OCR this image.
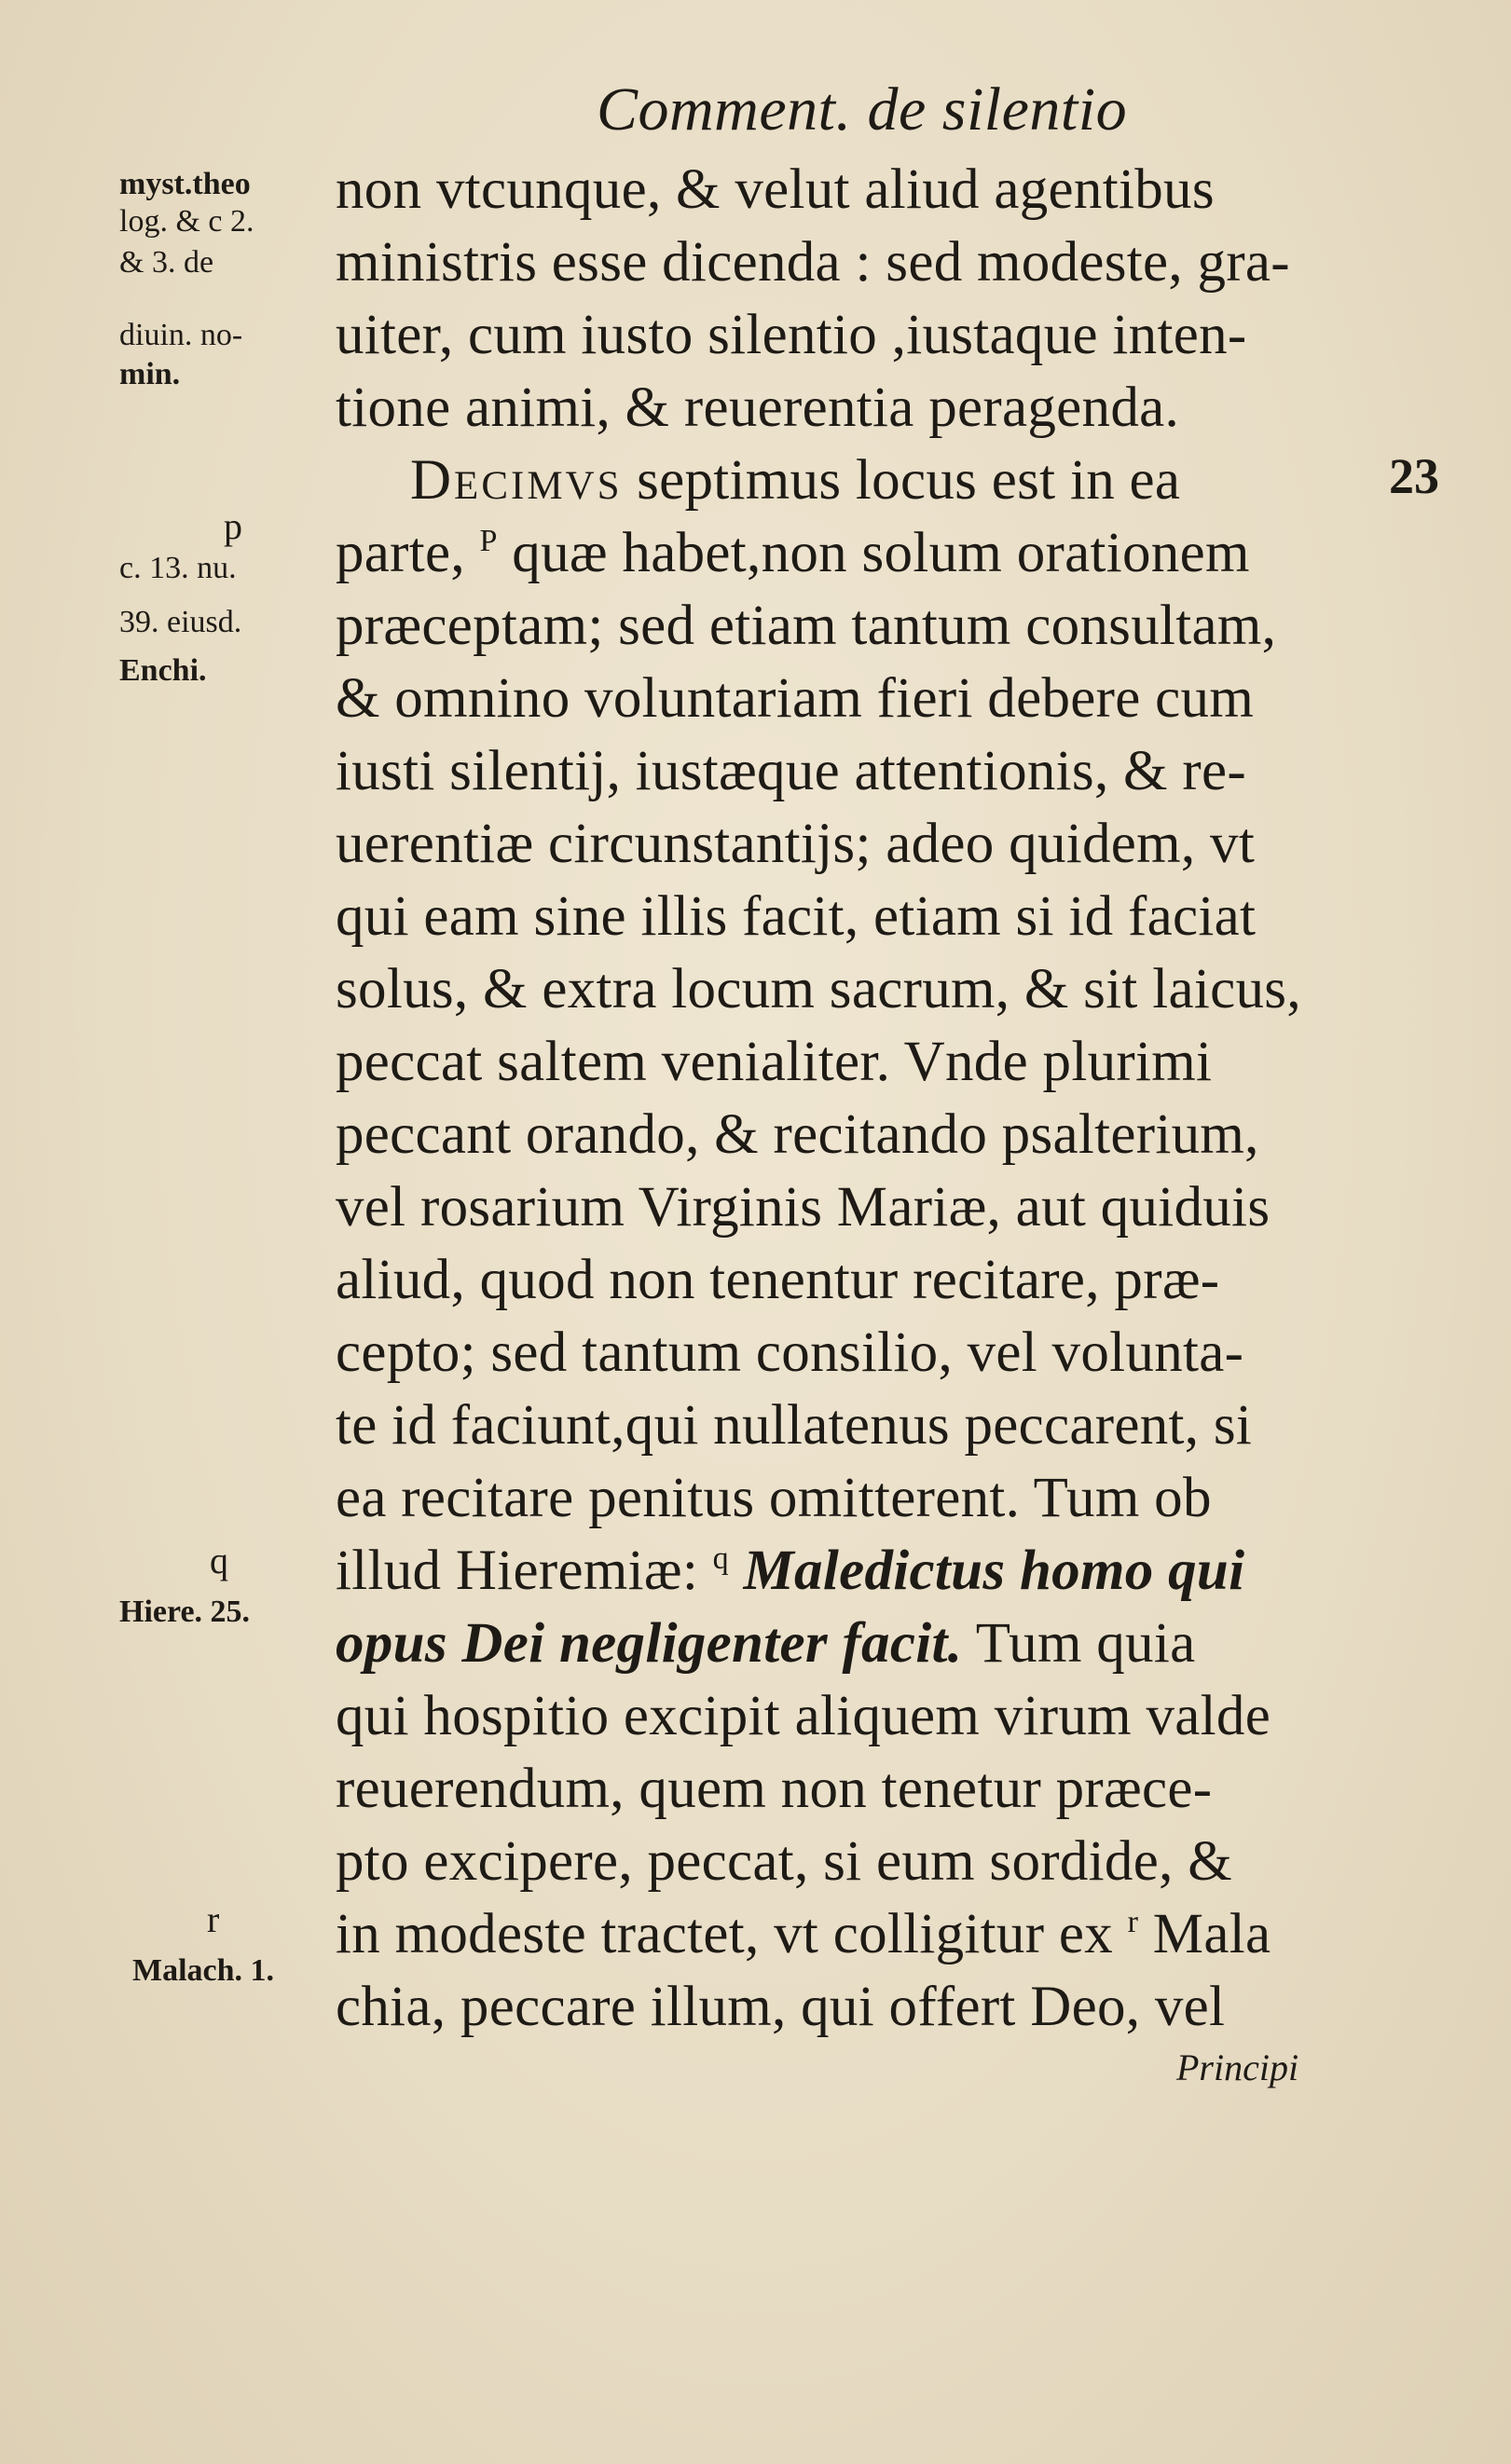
Comment. de silentio
23
myst.theo
log. & c 2.
& 3. de
diuin. no-
min.
p
c. 13. nu.
39. eiusd.
Enchi.
q
Hiere. 25.
r
Malach. 1.
non vtcunque, & velut aliud agentibus
ministris esse dicenda : sed modeste, gra-
uiter, cum iusto silentio ,iustaque inten-
tione animi, & reuerentia peragenda.
Decimvs septimus locus est in ea
parte, $^P$ quæ habet,non solum orationem
præceptam; sed etiam tantum consultam,
& omnino voluntariam fieri debere cum
iusti silentij, iustæque attentionis, & re-
uerentiæ circunstantijs; adeo quidem, vt
qui eam sine illis facit, etiam si id faciat
solus, & extra locum sacrum, & sit laicus,
peccat saltem venialiter. Vnde plurimi
peccant orando, & recitando psalterium,
vel rosarium Virginis Mariæ, aut quiduis
aliud, quod non tenentur recitare, præ-
cepto; sed tantum consilio, vel volunta-
te id faciunt,qui nullatenus peccarent, si
ea recitare penitus omitterent. Tum ob
illud Hieremiæ: $^q$ Maledictus homo qui
opus Dei negligenter facit. Tum quia
qui hospitio excipit aliquem virum valde
reuerendum, quem non tenetur præce-
pto excipere, peccat, si eum sordide, &
in modeste tractet, vt colligitur ex $^r$ Mala
chia, peccare illum, qui offert Deo, vel
Principi
